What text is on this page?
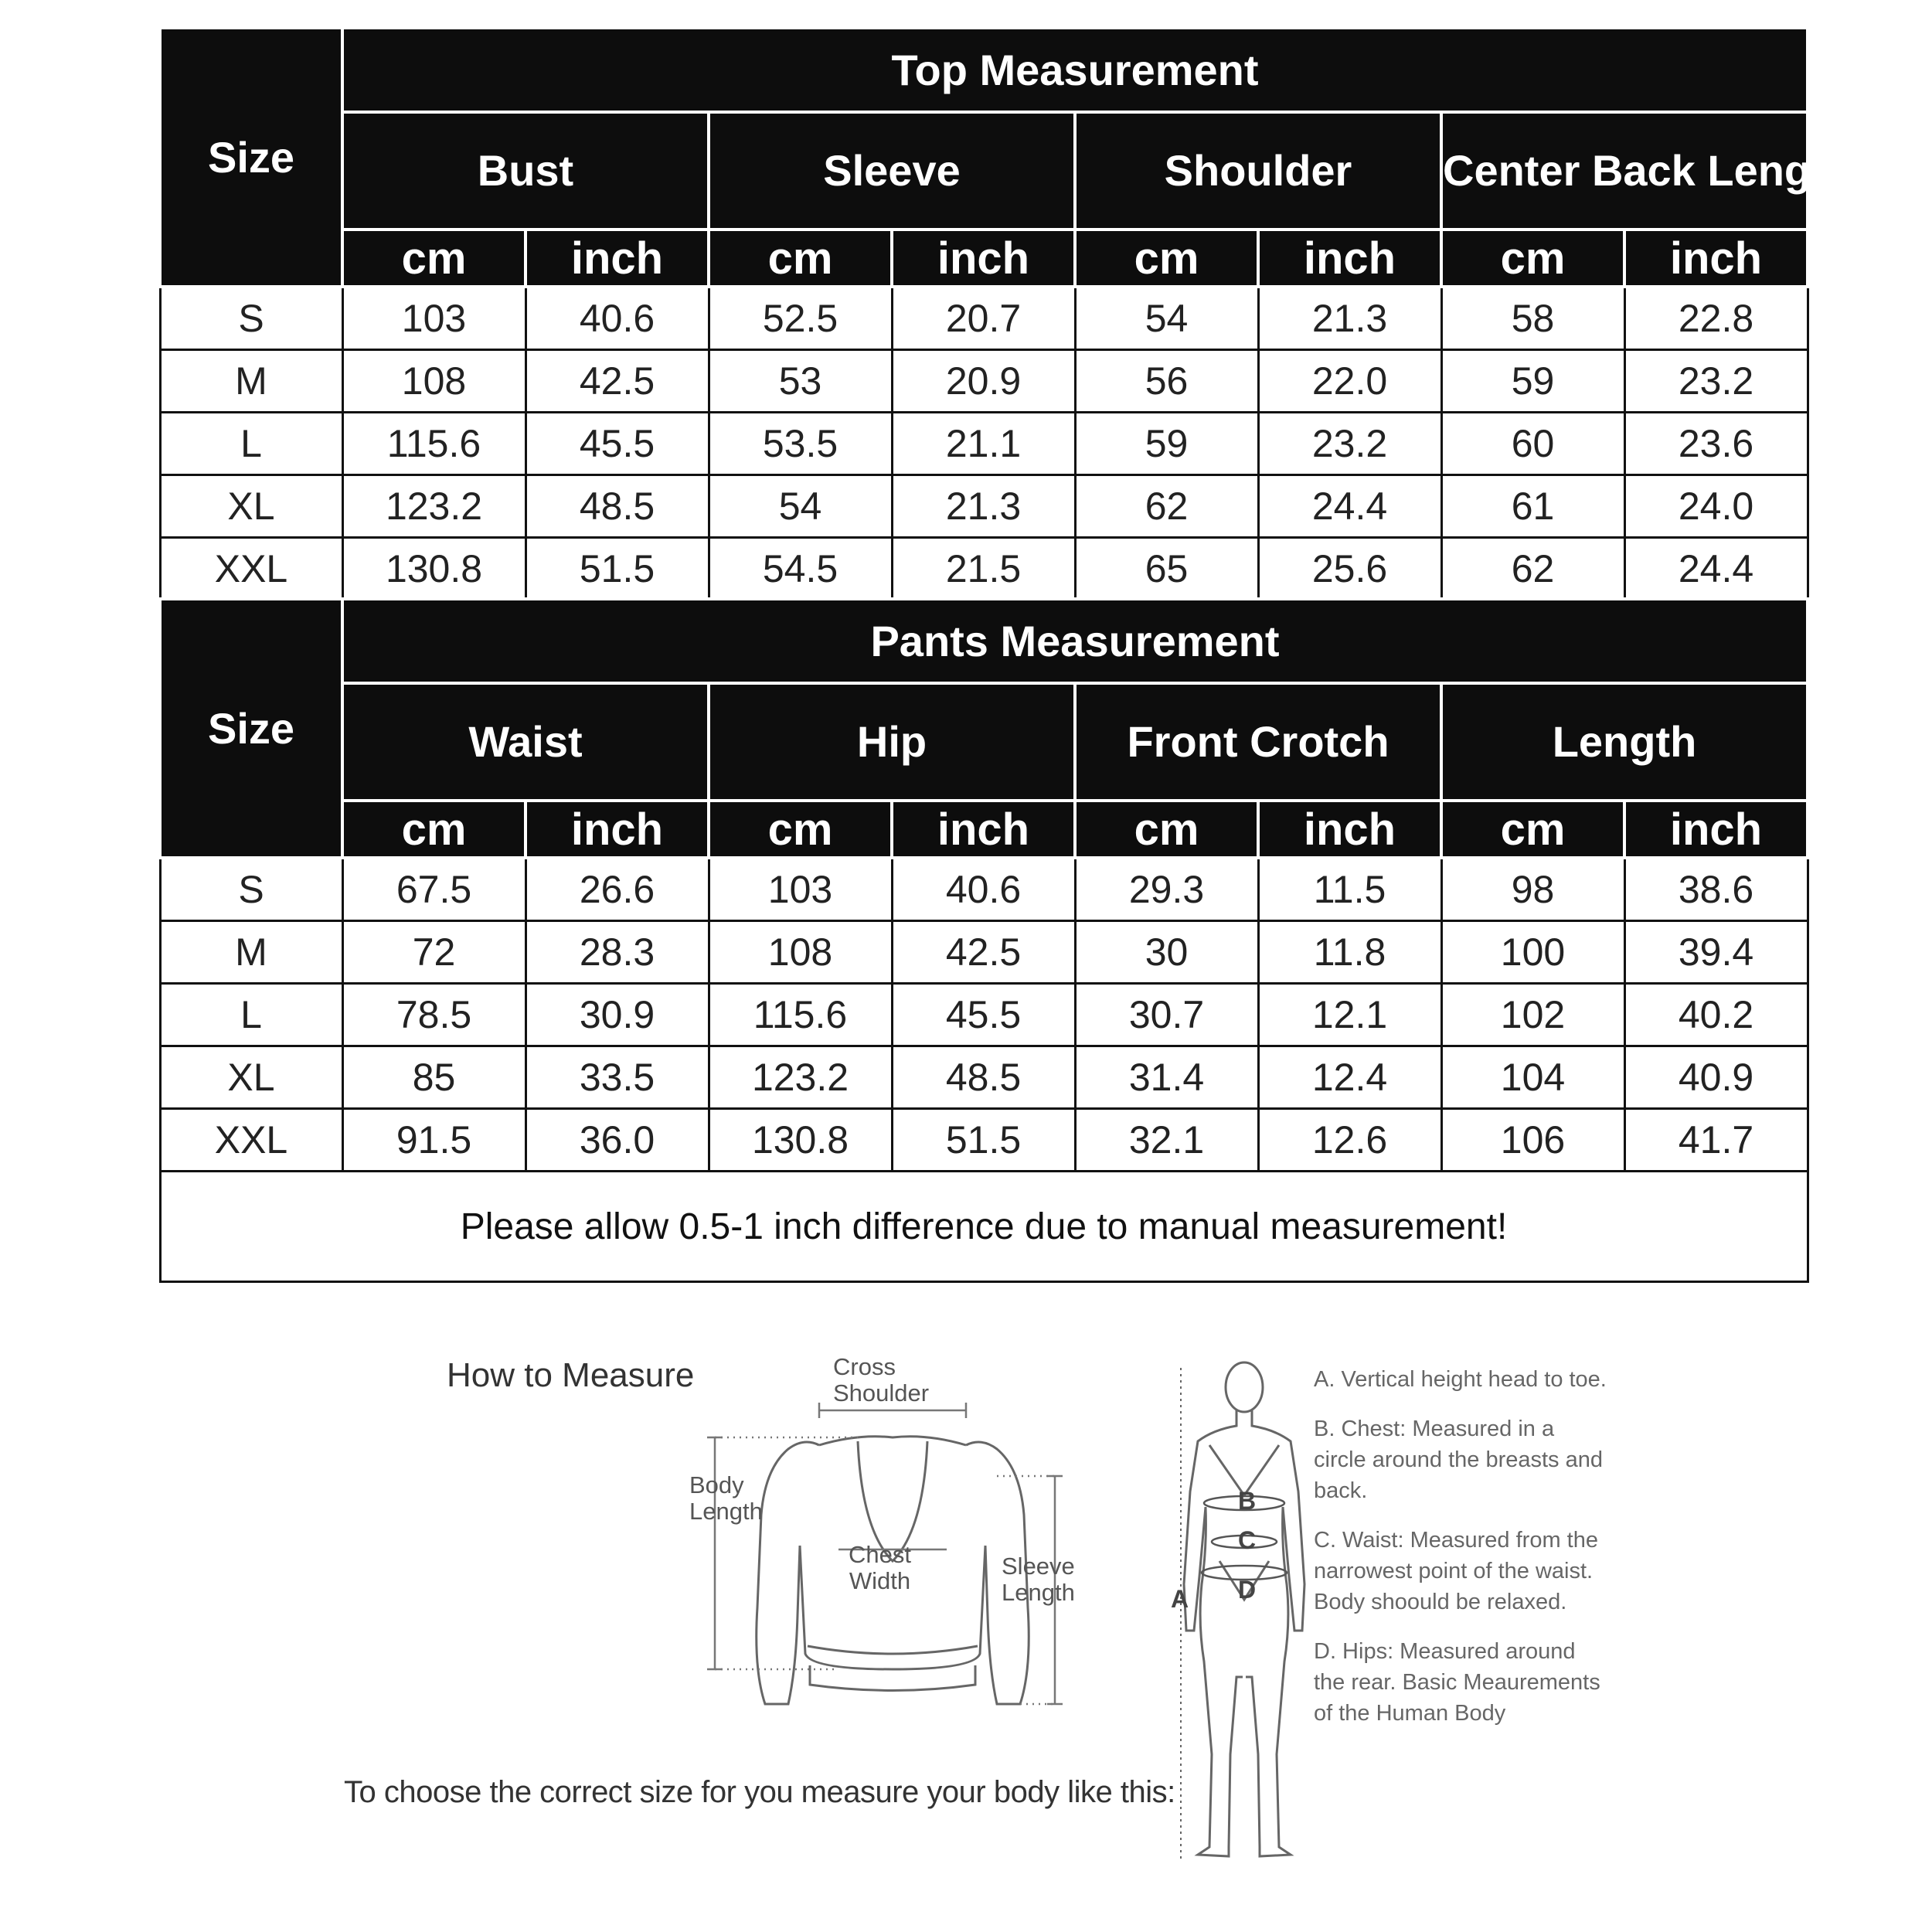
Size	Top Measurement							
	Bust		Sleeve		Shoulder		Center Back Length	
	cm	inch	cm	inch	cm	inch	cm	inch
S	103	40.6	52.5	20.7	54	21.3	58	22.8
M	108	42.5	53	20.9	56	22.0	59	23.2
L	115.6	45.5	53.5	21.1	59	23.2	60	23.6
XL	123.2	48.5	54	21.3	62	24.4	61	24.0
XXL	130.8	51.5	54.5	21.5	65	25.6	62	24.4
Size	Pants Measurement							
	Waist		Hip		Front Crotch		Length	
	cm	inch	cm	inch	cm	inch	cm	inch
S	67.5	26.6	103	40.6	29.3	11.5	98	38.6
M	72	28.3	108	42.5	30	11.8	100	39.4
L	78.5	30.9	115.6	45.5	30.7	12.1	102	40.2
XL	85	33.5	123.2	48.5	31.4	12.4	104	40.9
XXL	91.5	36.0	130.8	51.5	32.1	12.6	106	41.7
Please allow 0.5-1 inch difference due to manual measurement!								
How to Measure	Cross
Shoulder
Body
Length
Chest
Width
Sleeve
Length
To choose the correct size for you measure your body like this:
A
B
C
D

A. Vertical height head to toe.

B. Chest: Measured in a circle around the breasts and back.

C. Waist: Measured from the narrowest point of the waist. Body shoould be relaxed.

D. Hips: Measured around the rear. Basic Meaurements of the Human Body
